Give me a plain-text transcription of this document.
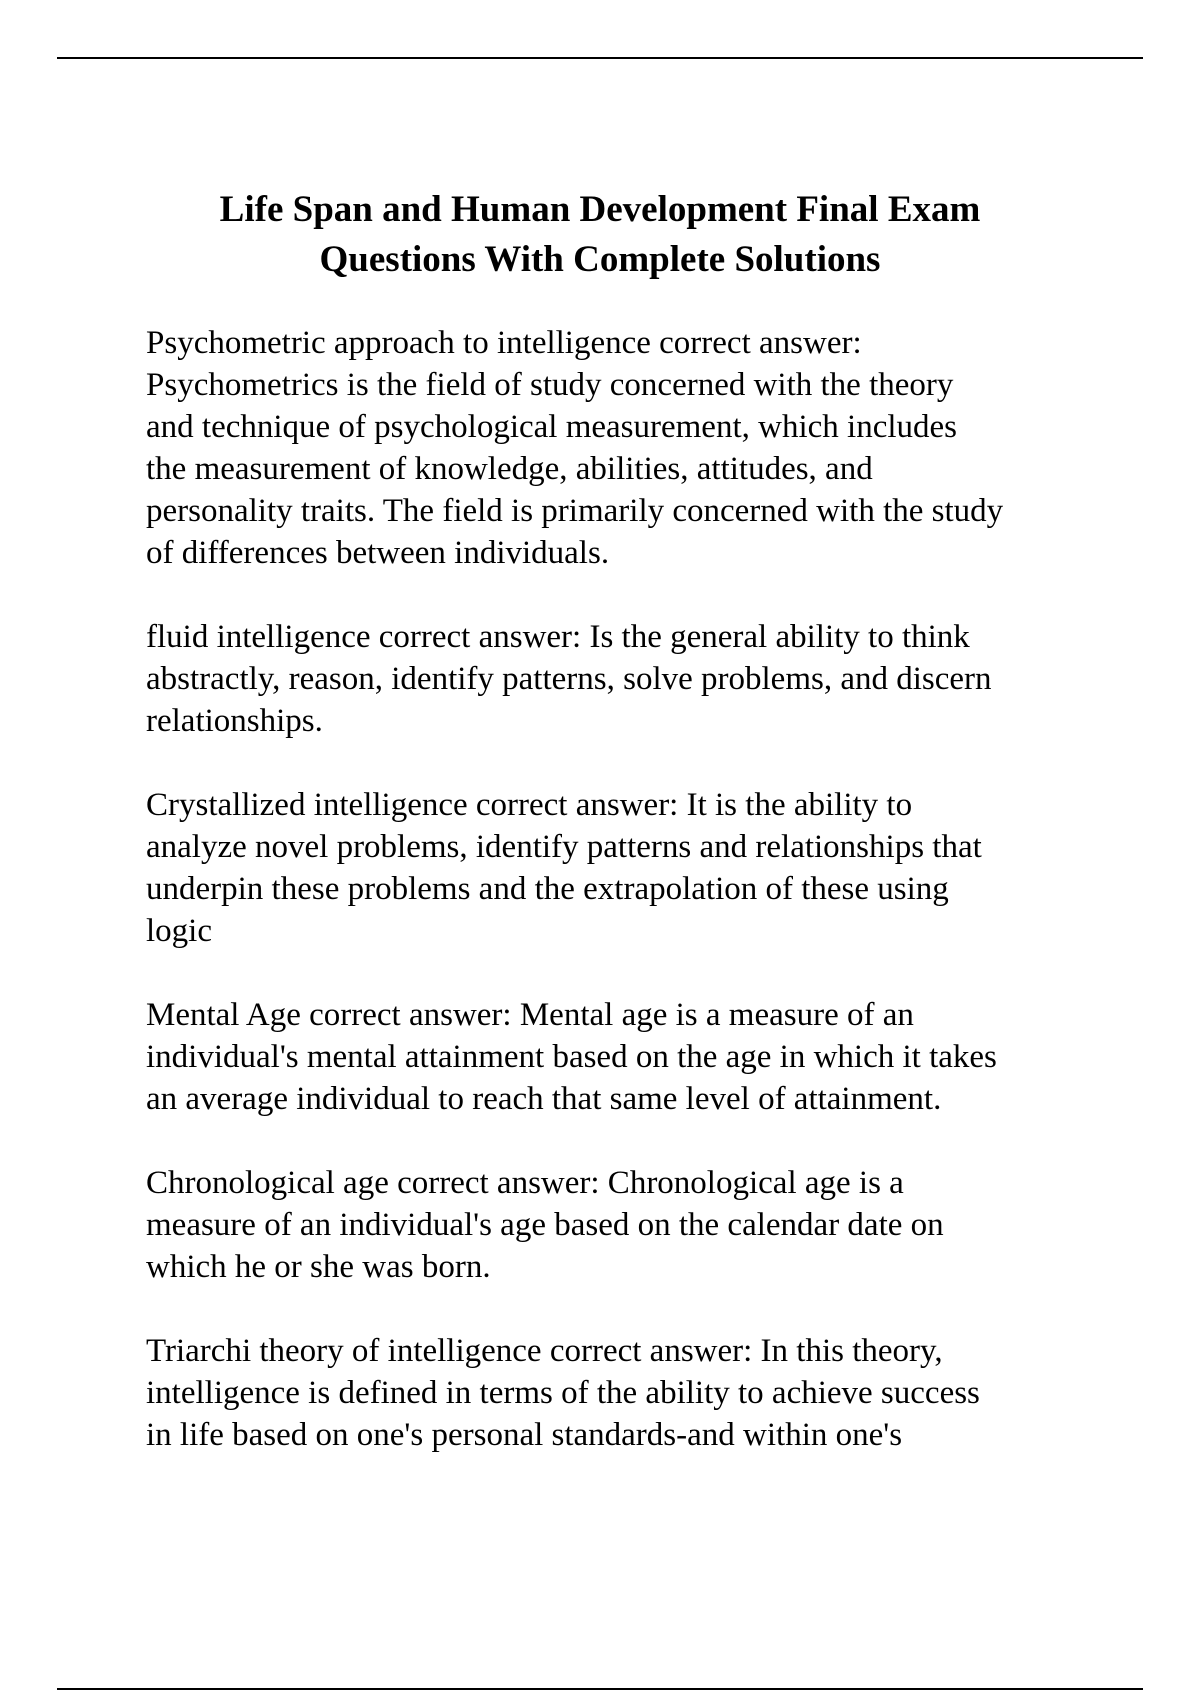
Life Span and Human Development Final Exam
Questions With Complete Solutions

Psychometric approach to intelligence correct answer:
Psychometrics is the field of study concerned with the theory
and technique of psychological measurement, which includes
the measurement of knowledge, abilities, attitudes, and
personality traits. The field is primarily concerned with the study
of differences between individuals.

fluid intelligence correct answer: Is the general ability to think
abstractly, reason, identify patterns, solve problems, and discern
relationships.

Crystallized intelligence correct answer: It is the ability to
analyze novel problems, identify patterns and relationships that
underpin these problems and the extrapolation of these using
logic

Mental Age correct answer: Mental age is a measure of an
individual's mental attainment based on the age in which it takes
an average individual to reach that same level of attainment.

Chronological age correct answer: Chronological age is a
measure of an individual's age based on the calendar date on
which he or she was born.

Triarchi theory of intelligence correct answer: In this theory,
intelligence is defined in terms of the ability to achieve success
in life based on one's personal standards-and within one's
